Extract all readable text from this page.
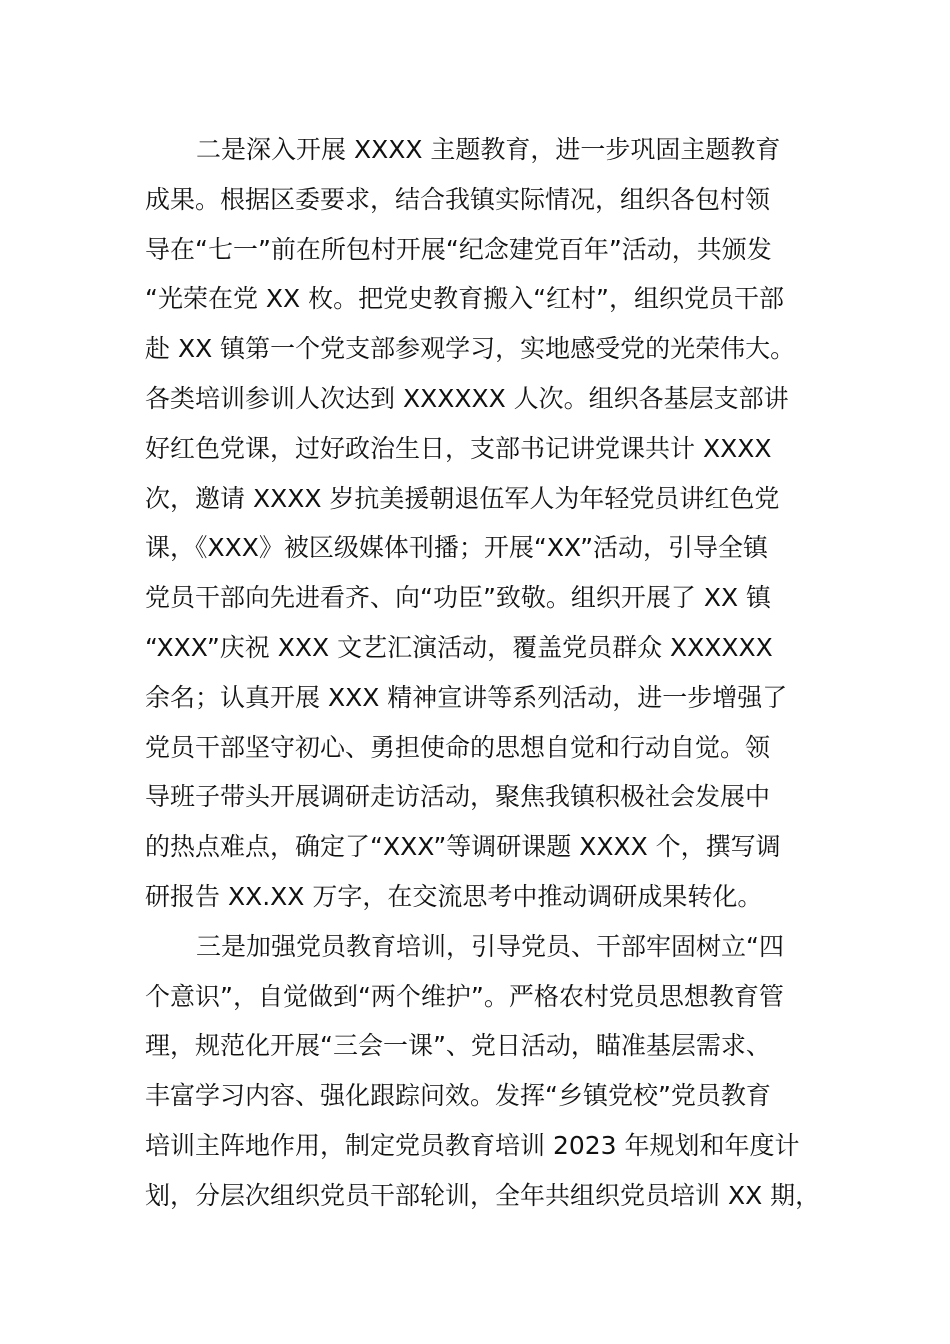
二是深入开展 XXXX 主题教育，进一步巩固主题教育
成果。根据区委要求，结合我镇实际情况，组织各包村领
导在“七一”前在所包村开展“纪念建党百年”活动，共颁发
“光荣在党 XX 枚。把党史教育搬入“红村”，组织党员干部
赴 XX 镇第一个党支部参观学习，实地感受党的光荣伟大。
各类培训参训人次达到 XXXXXX 人次。组织各基层支部讲
好红色党课，过好政治生日，支部书记讲党课共计 XXXX
次，邀请 XXXX 岁抗美援朝退伍军人为年轻党员讲红色党
课，《XXX》被区级媒体刊播；开展“XX”活动，引导全镇
党员干部向先进看齐、向“功臣”致敬。组织开展了 XX 镇
“XXX”庆祝 XXX 文艺汇演活动，覆盖党员群众 XXXXXX
余名；认真开展 XXX 精神宣讲等系列活动，进一步增强了
党员干部坚守初心、勇担使命的思想自觉和行动自觉。领
导班子带头开展调研走访活动，聚焦我镇积极社会发展中
的热点难点，确定了“XXX”等调研课题 XXXX 个，撰写调
研报告 XX.XX 万字，在交流思考中推动调研成果转化。
三是加强党员教育培训，引导党员、干部牢固树立“四
个意识”，自觉做到“两个维护”。严格农村党员思想教育管
理，规范化开展“三会一课”、党日活动，瞄准基层需求、
丰富学习内容、强化跟踪问效。发挥“乡镇党校”党员教育
培训主阵地作用，制定党员教育培训 2023 年规划和年度计
划，分层次组织党员干部轮训，全年共组织党员培训 XX 期，
